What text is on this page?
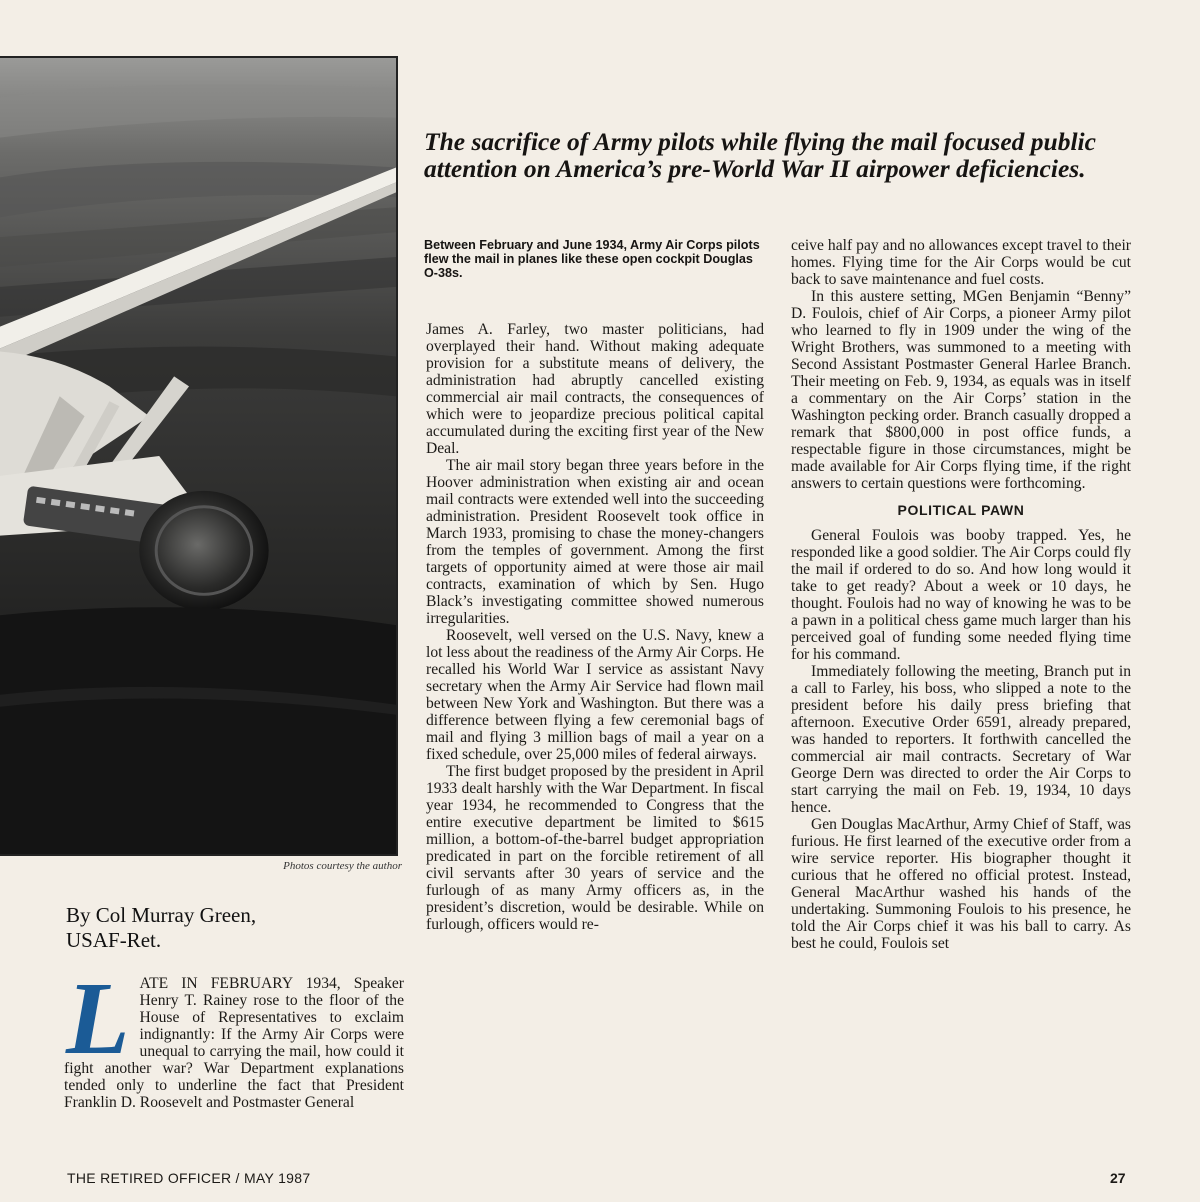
Photos courtesy the author
By Col Murray Green,
USAF-Ret.
L ATE IN FEBRUARY 1934, Speaker Henry T. Rainey rose to the floor of the House of Representatives to exclaim indignantly: If the Army Air Corps were unequal to carrying the mail, how could it fight another war? War Department explanations tended only to underline the fact that President Franklin D. Roosevelt and Postmaster General

The sacrifice of Army pilots while flying the mail focused public attention on America’s pre-World War II airpower deficiencies.
Between February and June 1934, Army Air Corps pilots flew the mail in planes like these open cockpit Douglas O-38s.

James A. Farley, two master politicians, had overplayed their hand. Without making adequate provision for a substitute means of delivery, the administration had abruptly cancelled existing commercial air mail contracts, the consequences of which were to jeopardize precious political capital accumulated during the exciting first year of the New Deal.

The air mail story began three years before in the Hoover administration when existing air and ocean mail contracts were extended well into the succeeding administration. President Roosevelt took office in March 1933, promising to chase the money-changers from the temples of government. Among the first targets of opportunity aimed at were those air mail contracts, examination of which by Sen. Hugo Black’s investigating committee showed numerous irregularities.

Roosevelt, well versed on the U.S. Navy, knew a lot less about the readiness of the Army Air Corps. He recalled his World War I service as assistant Navy secretary when the Army Air Service had flown mail between New York and Washington. But there was a difference between flying a few ceremonial bags of mail and flying 3 million bags of mail a year on a fixed schedule, over 25,000 miles of federal airways.

The first budget proposed by the president in April 1933 dealt harshly with the War Department. In fiscal year 1934, he recommended to Congress that the entire executive department be limited to $615 million, a bottom-of-the-barrel budget appropriation predicated in part on the forcible retirement of all civil servants after 30 years of service and the furlough of as many Army officers as, in the president’s discretion, would be desirable. While on furlough, officers would re-

ceive half pay and no allowances except travel to their homes. Flying time for the Air Corps would be cut back to save maintenance and fuel costs.

In this austere setting, MGen Benjamin “Benny” D. Foulois, chief of Air Corps, a pioneer Army pilot who learned to fly in 1909 under the wing of the Wright Brothers, was summoned to a meeting with Second Assistant Postmaster General Harlee Branch. Their meeting on Feb. 9, 1934, as equals was in itself a commentary on the Air Corps’ station in the Washington pecking order. Branch casually dropped a remark that $800,000 in post office funds, a respectable figure in those circumstances, might be made available for Air Corps flying time, if the right answers to certain questions were forthcoming.

POLITICAL PAWN

General Foulois was booby trapped. Yes, he responded like a good soldier. The Air Corps could fly the mail if ordered to do so. And how long would it take to get ready? About a week or 10 days, he thought. Foulois had no way of knowing he was to be a pawn in a political chess game much larger than his perceived goal of funding some needed flying time for his command.

Immediately following the meeting, Branch put in a call to Farley, his boss, who slipped a note to the president before his daily press briefing that afternoon. Executive Order 6591, already prepared, was handed to reporters. It forthwith cancelled the commercial air mail contracts. Secretary of War George Dern was directed to order the Air Corps to start carrying the mail on Feb. 19, 1934, 10 days hence.

Gen Douglas MacArthur, Army Chief of Staff, was furious. He first learned of the executive order from a wire service reporter. His biographer thought it curious that he offered no official protest. Instead, General MacArthur washed his hands of the undertaking. Summoning Foulois to his presence, he told the Air Corps chief it was his ball to carry. As best he could, Foulois set

THE RETIRED OFFICER / MAY 1987	27
